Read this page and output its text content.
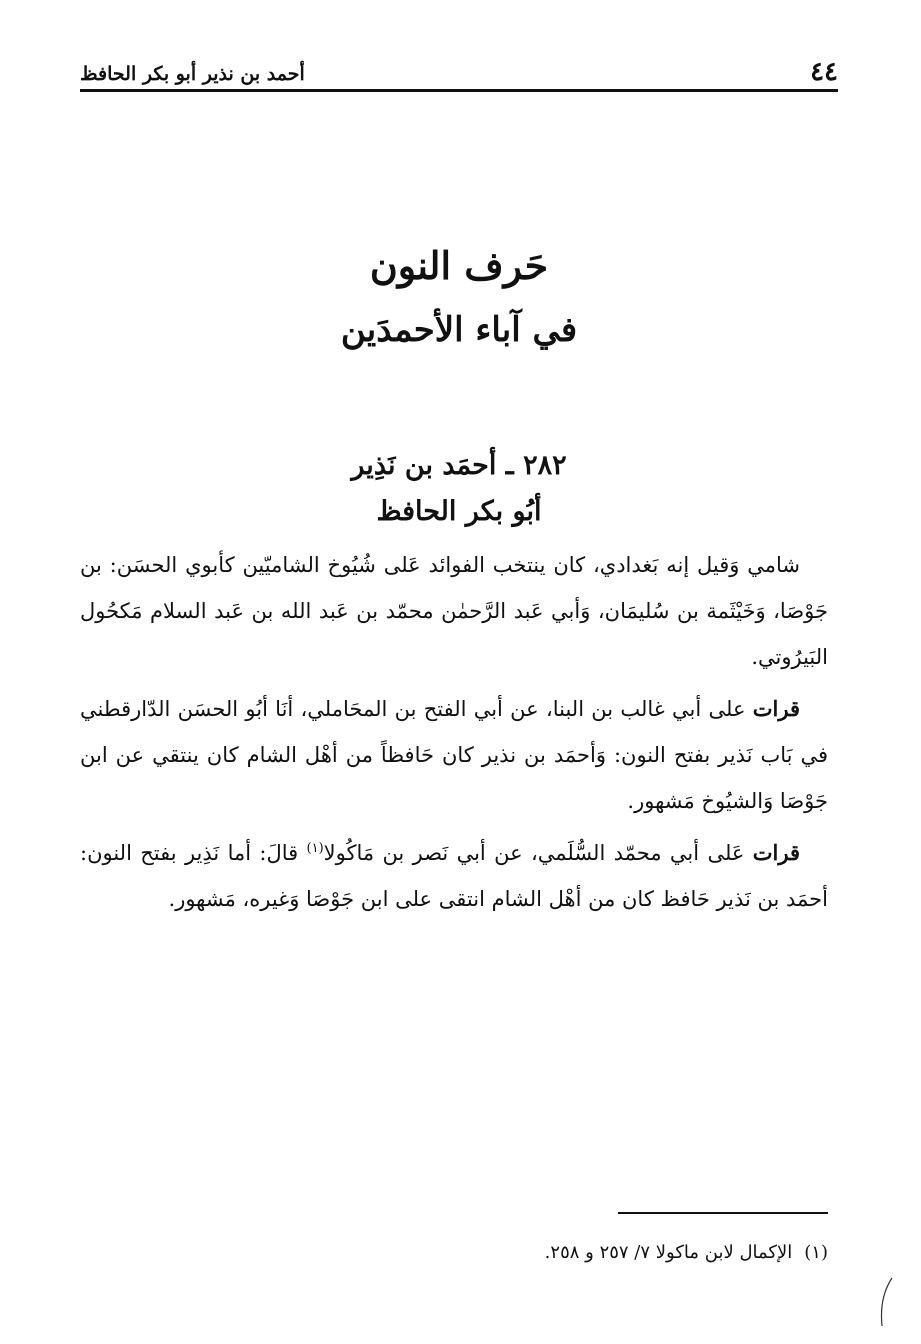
٤٤
أحمد بن نذير أبو بكر الحافظ
حَرف النون
في آباء الأحمدَين
٢٨٢ ـ أحمَد بن نَذِير
أبُو بكر الحافظ

شامي وَقيل إنه بَغدادي، كان ينتخب الفوائد عَلى شُيُوخ الشاميّين كأبوي الحسَن: بن جَوْصَا، وَخَيْثَمة بن سُليمَان، وَأبي عَبد الرَّحمٰن محمّد بن عَبد الله بن عَبد السلام مَكحُول البَيرُوتي.

قرات على أبي غالب بن البنا، عن أبي الفتح بن المحَاملي، أنَا أبُو الحسَن الدّارقطني في بَاب نَذير بفتح النون: وَأحمَد بن نذير كان حَافظاً من أهْل الشام كان ينتقي عن ابن جَوْصَا وَالشيُوخ مَشهور.

قرات عَلى أبي محمّد السُّلَمي، عن أبي نَصر بن مَاكُولا$^{(١)}$ قالَ: أما نَذِير بفتح النون: أحمَد بن نَذير حَافظ كان من أهْل الشام انتقى على ابن جَوْصَا وَغيره، مَشهور.

(١)الإكمال لابن ماكولا ٧/ ٢٥٧ و ٢٥٨.
